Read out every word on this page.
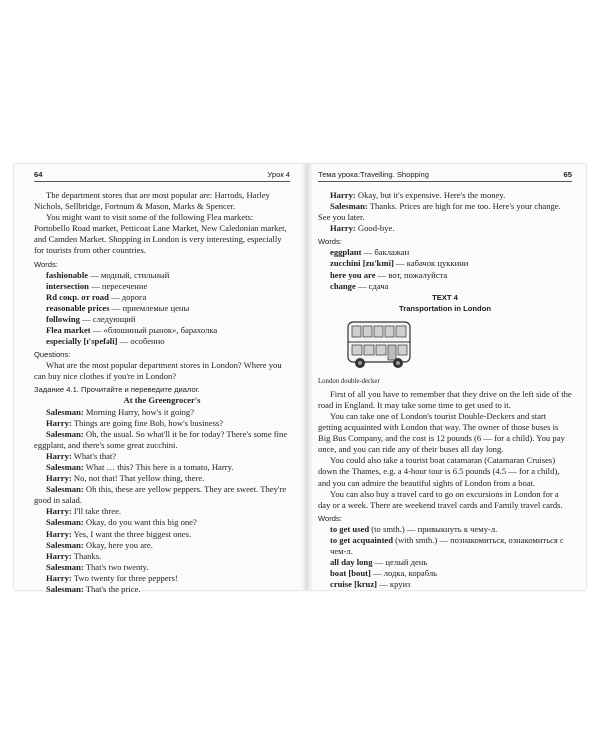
64	Урок 4

The department stores that are most popular are: Harrods, Harley Nichols, Sellbridge, Fortnum & Mason, Marks & Spencer.

You might want to visit some of the following Flea markets: Portobello Road market, Petticoat Lane Market, New Caledonian market, and Camden Market. Shopping in London is very interesting, especially for tourists from other countries.

Words:

fashionable — модный, стильный

intersection — пересечение

Rd сокр. от road — дорога

reasonable prices — приемлемые цены

following — следующий

Flea market — «блошиный рынок», барахолка

especially [ɪ'spefəli] — особенно

Questions:

What are the most popular department stores in London? Where you can buy nice clothes if you're in London?

Задание 4.1. Прочитайте и переведите диалог.

At the Greengrocer's

Salesman: Morning Harry, how's it going?

Harry: Things are going fine Bob, how's business?

Salesman: Oh, the usual. So what'll it be for today? There's some fine eggplant, and there's some great zucchini.

Harry: What's that?

Salesman: What … this? This here is a tomato, Harry.

Harry: No, not that! That yellow thing, there.

Salesman: Oh this, these are yellow peppers. They are sweet. They're good in salad.

Harry: I'll take three.

Salesman: Okay, do you want this big one?

Harry: Yes, I want the three biggest ones.

Salesman: Okay, here you are.

Harry: Thanks.

Salesman: That's two twenty.

Harry: Two twenty for three peppers!

Salesman: That's the price.

Тема урока:Travelling. Shopping	65

Harry: Okay, but it's expensive. Here's the money.

Salesman: Thanks. Prices are high for me too. Here's your change. See you later.

Harry: Good-bye.

Words:

eggplant — баклажан

zucchini [zu'kɪni] — кабачок цуккини

here you are — вот, пожалуйста

change — сдача

TEXT 4

Transportation in London

London double-decker

First of all you have to remember that they drive on the left side of the road in England. It may take some time to get used to it.

You can take one of London's tourist Double-Deckers and start getting acquainted with London that way. The owner of those buses is Big Bus Company, and the cost is 12 pounds (6 — for a child). You pay once, and you can ride any of their buses all day long.

You could also take a tourist boat catamaran (Catamaran Cruises) down the Thames, e.g. a 4-hour tour is 6.5 pounds (4.5 — for a child), and you can admire the beautiful sights of London from a boat.

You can also buy a travel card to go on excursions in London for a day or a week. There are weekend travel cards and Family travel cards.

Words:

to get used (to smth.) — привыкнуть к чему-л.

to get acquainted (with smth.) — познакомиться, ознакомиться с чем-л.

all day long — целый день

boat [bout] — лодка, корабль

cruise [kruz] — круиз
